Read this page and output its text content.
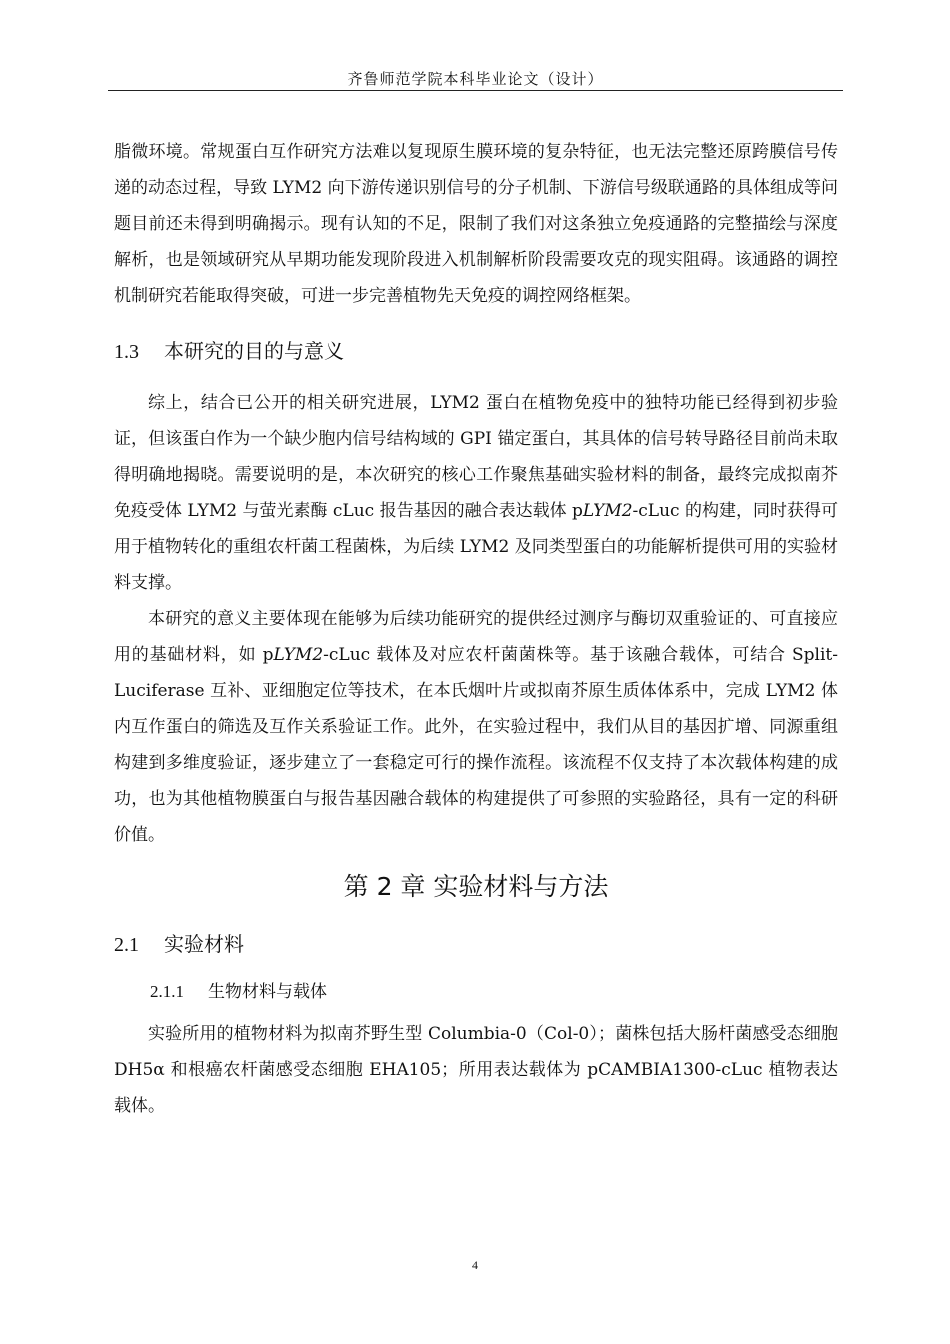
齐鲁师范学院本科毕业论文（设计）

脂微环境。常规蛋白互作研究方法难以复现原生膜环境的复杂特征，也无法完整还原跨膜信号传递的动态过程，导致 LYM2 向下游传递识别信号的分子机制、下游信号级联通路的具体组成等问题目前还未得到明确揭示。现有认知的不足，限制了我们对这条独立免疫通路的完整描绘与深度解析，也是领域研究从早期功能发现阶段进入机制解析阶段需要攻克的现实阻碍。该通路的调控机制研究若能取得突破，可进一步完善植物先天免疫的调控网络框架。

1.3 本研究的目的与意义

综上，结合已公开的相关研究进展，LYM2 蛋白在植物免疫中的独特功能已经得到初步验证，但该蛋白作为一个缺少胞内信号结构域的 GPI 锚定蛋白，其具体的信号转导路径目前尚未取得明确地揭晓。需要说明的是，本次研究的核心工作聚焦基础实验材料的制备，最终完成拟南芥免疫受体 LYM2 与萤光素酶 cLuc 报告基因的融合表达载体 pLYM2-cLuc 的构建，同时获得可用于植物转化的重组农杆菌工程菌株，为后续 LYM2 及同类型蛋白的功能解析提供可用的实验材料支撑。

本研究的意义主要体现在能够为后续功能研究的提供经过测序与酶切双重验证的、可直接应用的基础材料，如 pLYM2-cLuc 载体及对应农杆菌菌株等。基于该融合载体，可结合 Split-Luciferase 互补、亚细胞定位等技术，在本氏烟叶片或拟南芥原生质体体系中，完成 LYM2 体内互作蛋白的筛选及互作关系验证工作。此外，在实验过程中，我们从目的基因扩增、同源重组构建到多维度验证，逐步建立了一套稳定可行的操作流程。该流程不仅支持了本次载体构建的成功，也为其他植物膜蛋白与报告基因融合载体的构建提供了可参照的实验路径，具有一定的科研价值。

第 2 章 实验材料与方法
2.1 实验材料
2.1.1 生物材料与载体

实验所用的植物材料为拟南芥野生型 Columbia-0（Col-0）；菌株包括大肠杆菌感受态细胞 DH5α 和根癌农杆菌感受态细胞 EHA105；所用表达载体为 pCAMBIA1300-cLuc 植物表达载体。

4
